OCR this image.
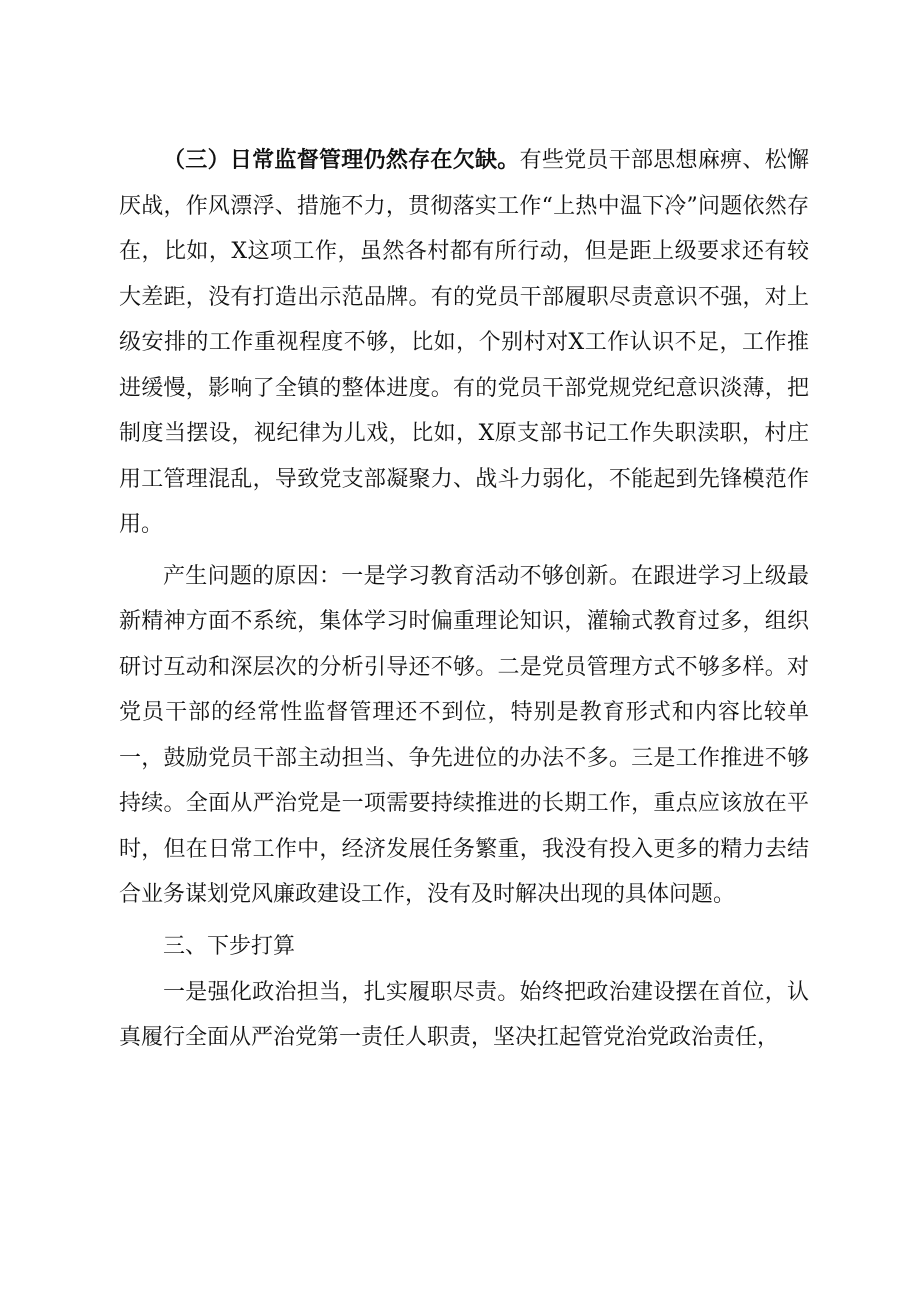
（三）日常监督管理仍然存在欠缺。有些党员干部思想麻痹、松懈厌战，作风漂浮、措施不力，贯彻落实工作“上热中温下冷”问题依然存在，比如，X这项工作，虽然各村都有所行动，但是距上级要求还有较大差距，没有打造出示范品牌。有的党员干部履职尽责意识不强，对上级安排的工作重视程度不够，比如，个别村对X工作认识不足，工作推进缓慢，影响了全镇的整体进度。有的党员干部党规党纪意识淡薄，把制度当摆设，视纪律为儿戏，比如，X原支部书记工作失职渎职，村庄用工管理混乱，导致党支部凝聚力、战斗力弱化，不能起到先锋模范作用。

产生问题的原因：一是学习教育活动不够创新。在跟进学习上级最新精神方面不系统，集体学习时偏重理论知识，灌输式教育过多，组织研讨互动和深层次的分析引导还不够。二是党员管理方式不够多样。对党员干部的经常性监督管理还不到位，特别是教育形式和内容比较单一，鼓励党员干部主动担当、争先进位的办法不多。三是工作推进不够持续。全面从严治党是一项需要持续推进的长期工作，重点应该放在平时，但在日常工作中，经济发展任务繁重，我没有投入更多的精力去结合业务谋划党风廉政建设工作，没有及时解决出现的具体问题。

三、下步打算

一是强化政治担当，扎实履职尽责。始终把政治建设摆在首位，认真履行全面从严治党第一责任人职责，坚决扛起管党治党政治责任，
